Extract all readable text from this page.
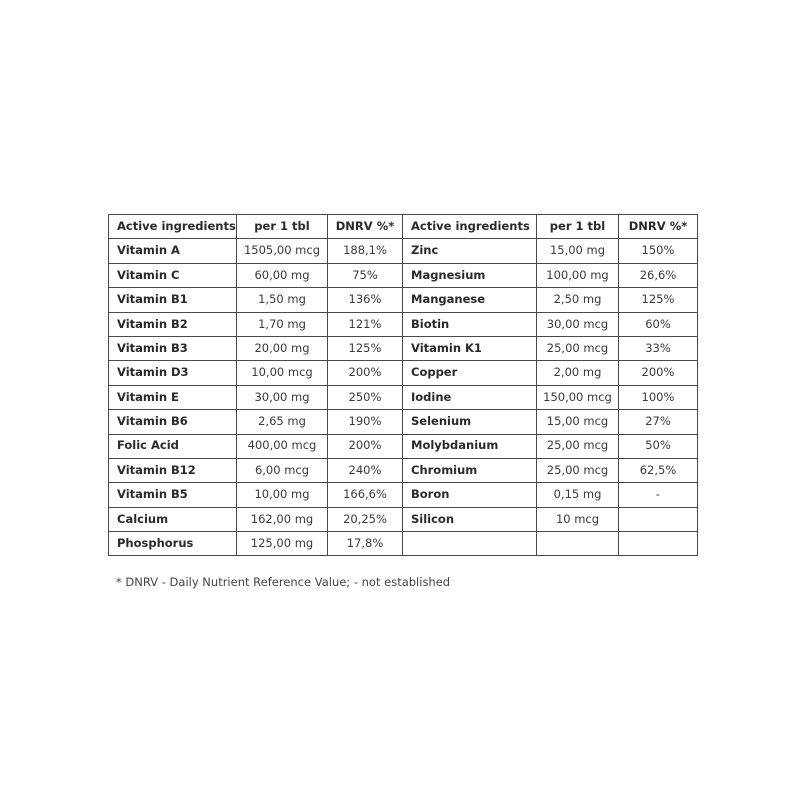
Active ingredients	per 1 tbl	DNRV %*	Active ingredients	per 1 tbl	DNRV %*
Vitamin A	1505,00 mcg	188,1%	Zinc	15,00 mg	150%
Vitamin C	60,00 mg	75%	Magnesium	100,00 mg	26,6%
Vitamin B1	1,50 mg	136%	Manganese	2,50 mg	125%
Vitamin B2	1,70 mg	121%	Biotin	30,00 mcg	60%
Vitamin B3	20,00 mg	125%	Vitamin K1	25,00 mcg	33%
Vitamin D3	10,00 mcg	200%	Copper	2,00 mg	200%
Vitamin E	30,00 mg	250%	Iodine	150,00 mcg	100%
Vitamin B6	2,65 mg	190%	Selenium	15,00 mcg	27%
Folic Acid	400,00 mcg	200%	Molybdanium	25,00 mcg	50%
Vitamin B12	6,00 mcg	240%	Chromium	25,00 mcg	62,5%
Vitamin B5	10,00 mg	166,6%	Boron	0,15 mg	-
Calcium	162,00 mg	20,25%	Silicon	10 mcg	
Phosphorus	125,00 mg	17,8%			
* DNRV - Daily Nutrient Reference Value; - not established
